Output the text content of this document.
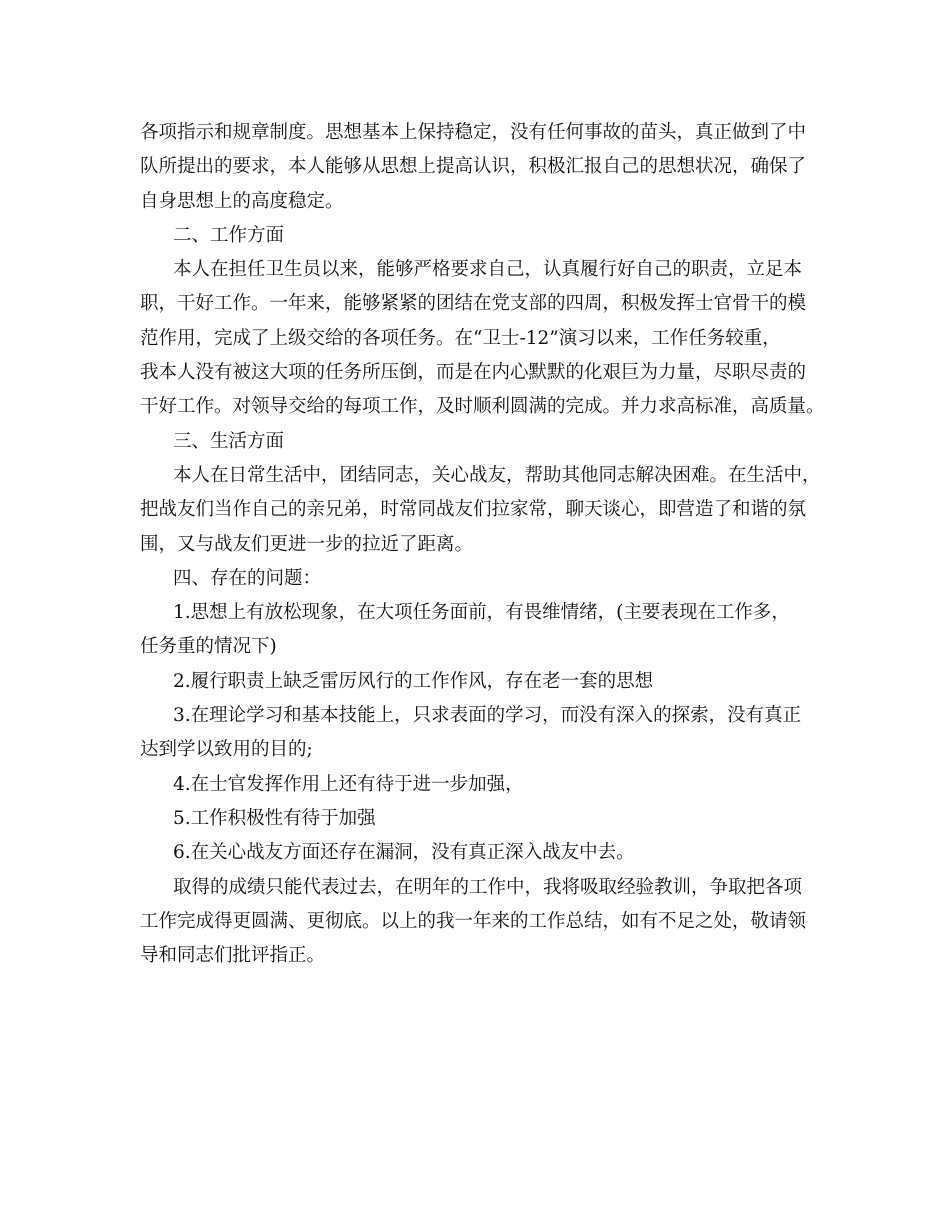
各项指示和规章制度。思想基本上保持稳定，没有任何事故的苗头，真正做到了中
队所提出的要求，本人能够从思想上提高认识，积极汇报自己的思想状况，确保了
自身思想上的高度稳定。
二、工作方面
本人在担任卫生员以来，能够严格要求自己，认真履行好自己的职责，立足本
职，干好工作。一年来，能够紧紧的团结在党支部的四周，积极发挥士官骨干的模
范作用，完成了上级交给的各项任务。在“卫士-12”演习以来，工作任务较重，
我本人没有被这大项的任务所压倒，而是在内心默默的化艰巨为力量，尽职尽责的
干好工作。对领导交给的每项工作，及时顺利圆满的完成。并力求高标准，高质量。
三、生活方面
本人在日常生活中，团结同志，关心战友，帮助其他同志解决困难。在生活中，
把战友们当作自己的亲兄弟，时常同战友们拉家常，聊天谈心，即营造了和谐的氛
围，又与战友们更进一步的拉近了距离。
四、存在的问题：
1.思想上有放松现象，在大项任务面前，有畏维情绪，(主要表现在工作多，
任务重的情况下)
2.履行职责上缺乏雷厉风行的工作作风，存在老一套的思想
3.在理论学习和基本技能上，只求表面的学习，而没有深入的探索，没有真正
达到学以致用的目的;
4.在士官发挥作用上还有待于进一步加强，
5.工作积极性有待于加强
6.在关心战友方面还存在漏洞，没有真正深入战友中去。
取得的成绩只能代表过去，在明年的工作中，我将吸取经验教训，争取把各项
工作完成得更圆满、更彻底。以上的我一年来的工作总结，如有不足之处，敬请领
导和同志们批评指正。
